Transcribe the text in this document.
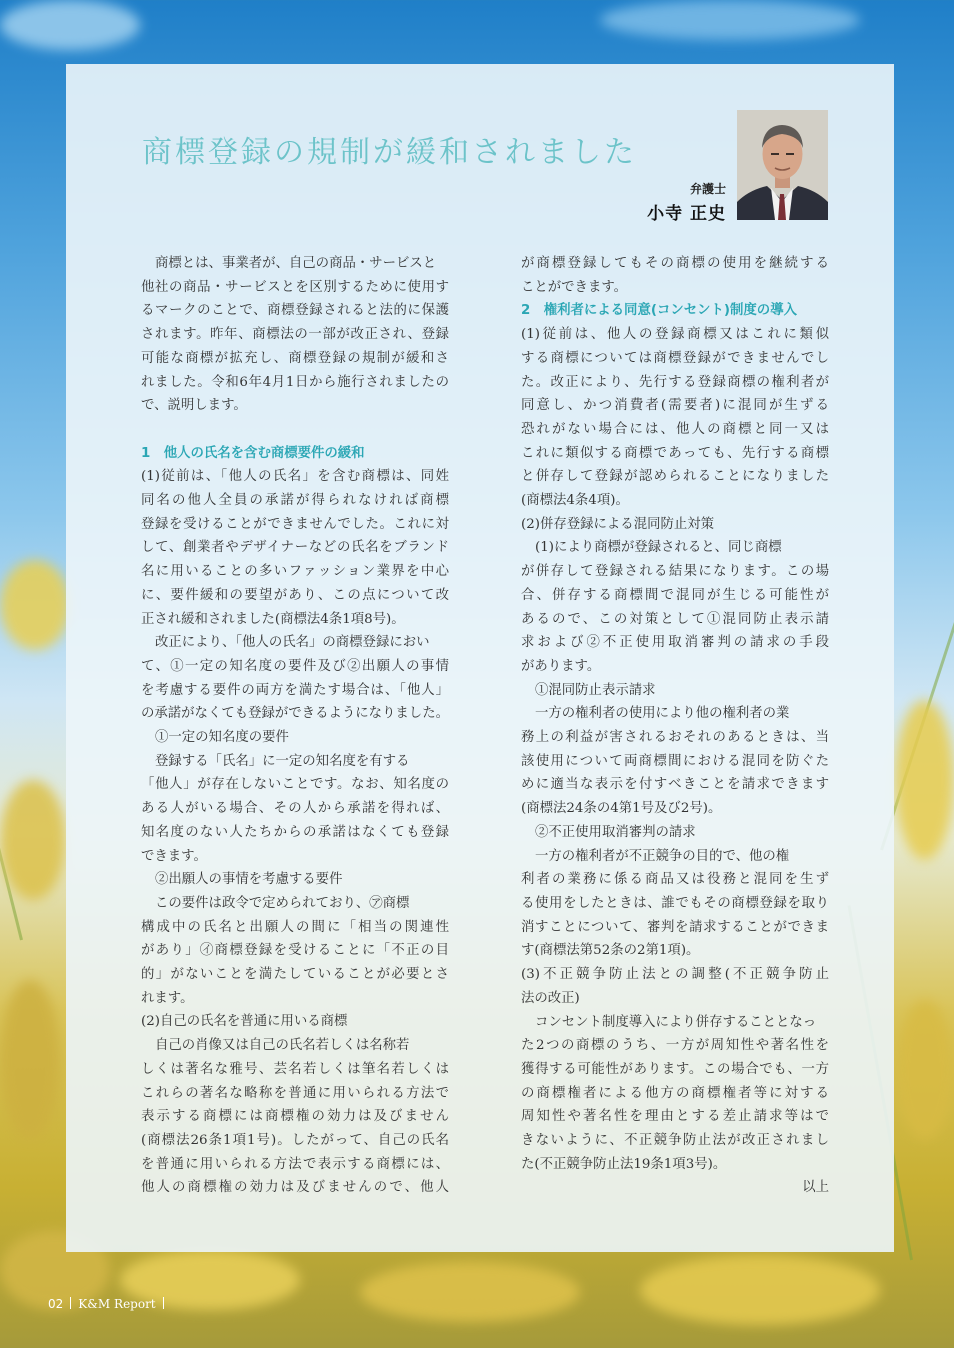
商標登録の規制が緩和されました
弁護士
小寺 正史

商標とは、事業者が、自己の商品・サービスと

他社の商品・サービスとを区別するために使用す

るマークのことで、商標登録されると法的に保護

されます。昨年、商標法の一部が改正され、登録

可能な商標が拡充し、商標登録の規制が緩和さ

れました。令和6年4月1日から施行されましたの

で、説明します。

1　他人の氏名を含む商標要件の緩和

(1)従前は、「他人の氏名」を含む商標は、同姓

同名の他人全員の承諾が得られなければ商標

登録を受けることができませんでした。これに対

して、創業者やデザイナーなどの氏名をブランド

名に用いることの多いファッション業界を中心

に、要件緩和の要望があり、この点について改

正され緩和されました(商標法4条1項8号)。

改正により、「他人の氏名」の商標登録におい

て、①一定の知名度の要件及び②出願人の事情

を考慮する要件の両方を満たす場合は、「他人」

の承諾がなくても登録ができるようになりました。

①一定の知名度の要件

登録する「氏名」に一定の知名度を有する

「他人」が存在しないことです。なお、知名度の

ある人がいる場合、その人から承諾を得れば、

知名度のない人たちからの承諾はなくても登録

できます。

②出願人の事情を考慮する要件

この要件は政令で定められており、㋐商標

構成中の氏名と出願人の間に「相当の関連性

があり」㋑商標登録を受けることに「不正の目

的」がないことを満たしていることが必要とさ

れます。

(2)自己の氏名を普通に用いる商標

自己の肖像又は自己の氏名若しくは名称若

しくは著名な雅号、芸名若しくは筆名若しくは

これらの著名な略称を普通に用いられる方法で

表示する商標には商標権の効力は及びません

(商標法26条1項1号)。したがって、自己の氏名

を普通に用いられる方法で表示する商標には、

他人の商標権の効力は及びませんので、他人

が商標登録してもその商標の使用を継続する

ことができます。

2　権利者による同意(コンセント)制度の導入

(1)従前は、他人の登録商標又はこれに類似

する商標については商標登録ができませんでし

た。改正により、先行する登録商標の権利者が

同意し、かつ消費者(需要者)に混同が生ずる

恐れがない場合には、他人の商標と同一又は

これに類似する商標であっても、先行する商標

と併存して登録が認められることになりました

(商標法4条4項)。

(2)併存登録による混同防止対策

(1)により商標が登録されると、同じ商標

が併存して登録される結果になります。この場

合、併存する商標間で混同が生じる可能性が

あるので、この対策として①混同防止表示請

求および②不正使用取消審判の請求の手段

があります。

①混同防止表示請求

一方の権利者の使用により他の権利者の業

務上の利益が害されるおそれのあるときは、当

該使用について両商標間における混同を防ぐた

めに適当な表示を付すべきことを請求できます

(商標法24条の4第1号及び2号)。

②不正使用取消審判の請求

一方の権利者が不正競争の目的で、他の権

利者の業務に係る商品又は役務と混同を生ず

る使用をしたときは、誰でもその商標登録を取り

消すことについて、審判を請求することができま

す(商標法第52条の2第1項)。

(3)不正競争防止法との調整(不正競争防止

法の改正)

コンセント制度導入により併存することとなっ

た2つの商標のうち、一方が周知性や著名性を

獲得する可能性があります。この場合でも、一方

の商標権者による他方の商標権者等に対する

周知性や著名性を理由とする差止請求等はで

きないように、不正競争防止法が改正されまし

た(不正競争防止法19条1項3号)。

以上

02 K&M Report
